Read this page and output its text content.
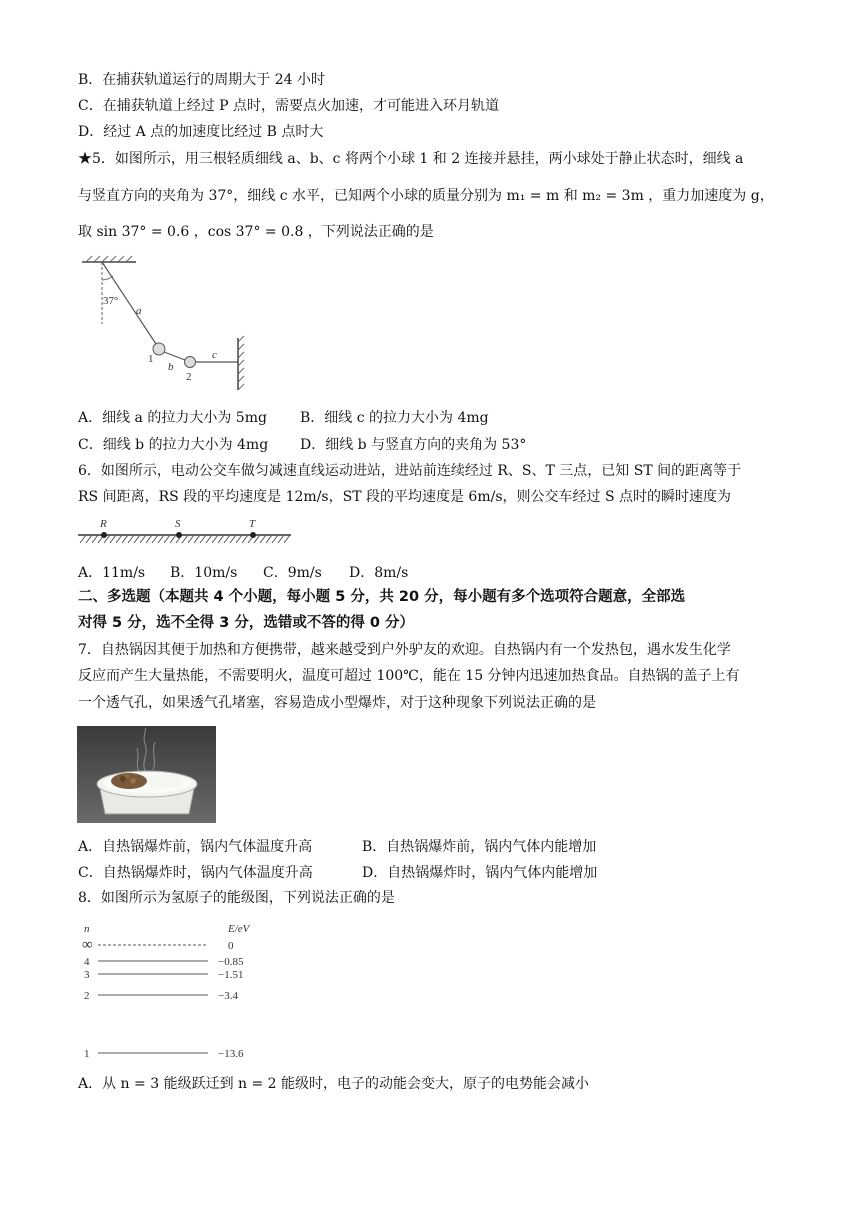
B．在捕获轨道运行的周期大于 24 小时
C．在捕获轨道上经过 P 点时，需要点火加速，才可能进入环月轨道
D．经过 A 点的加速度比经过 B 点时大
★5．如图所示，用三根轻质细线 a、b、c 将两个小球 1 和 2 连接并悬挂，两小球处于静止状态时，细线 a
与竖直方向的夹角为 37°，细线 c 水平，已知两个小球的质量分别为 m₁ = m 和 m₂ = 3m ，重力加速度为 g，
取 sin 37° = 0.6 ，cos 37° = 0.8 ，下列说法正确的是
37°
a
1
b
2
c
A．细线 a 的拉力大小为 5mg B．细线 c 的拉力大小为 4mg
C．细线 b 的拉力大小为 4mg D．细线 b 与竖直方向的夹角为 53°
6．如图所示，电动公交车做匀减速直线运动进站，进站前连续经过 R、S、T 三点，已知 ST 间的距离等于
RS 间距离，RS 段的平均速度是 12m/s，ST 段的平均速度是 6m/s，则公交车经过 S 点时的瞬时速度为
R	S	T
A．11m/s B．10m/s C．9m/s D．8m/s
二、多选题（本题共 4 个小题，每小题 5 分，共 20 分，每小题有多个选项符合题意，全部选
对得 5 分，选不全得 3 分，选错或不答的得 0 分）
7．自热锅因其便于加热和方便携带，越来越受到户外驴友的欢迎。自热锅内有一个发热包，遇水发生化学
反应而产生大量热能，不需要明火，温度可超过 100℃，能在 15 分钟内迅速加热食品。自热锅的盖子上有
一个透气孔，如果透气孔堵塞，容易造成小型爆炸，对于这种现象下列说法正确的是
A．自热锅爆炸前，锅内气体温度升高	B．自热锅爆炸前，锅内气体内能增加
C．自热锅爆炸时，锅内气体温度升高	D．自热锅爆炸时，锅内气体内能增加
8．如图所示为氢原子的能级图，下列说法正确的是
n	E/eV
∞	0
4	−0.85
3	−1.51
2	−3.4
1	−13.6
A．从 n = 3 能级跃迁到 n = 2 能级时，电子的动能会变大，原子的电势能会减小
